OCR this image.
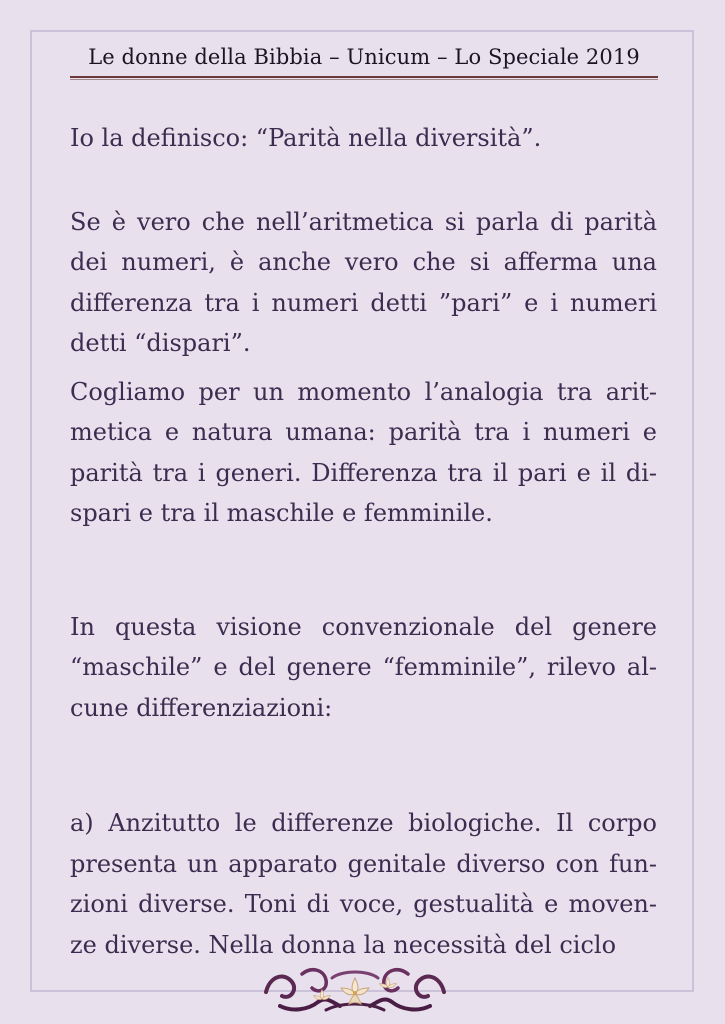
Le donne della Bibbia – Unicum – Lo Speciale 2019

Io la definisco: “Parità nella diversità”.

Se è vero che nell’aritmetica si parla di parità dei numeri, è anche vero che si afferma una differenza tra i numeri detti ”pari” e i numeri detti “dispari”.

Cogliamo per un momento l’analogia tra aritmetica e natura umana: parità tra i numeri e parità tra i generi. Differenza tra il pari e il dispari e tra il maschile e femminile.

In questa visione convenzionale del genere “maschile” e del genere “femminile”, rilevo alcune differenziazioni:

a) Anzitutto le differenze biologiche. Il corpo presenta un apparato genitale diverso con funzioni diverse. Toni di voce, gestualità e movenze diverse. Nella donna la necessità del ciclo
